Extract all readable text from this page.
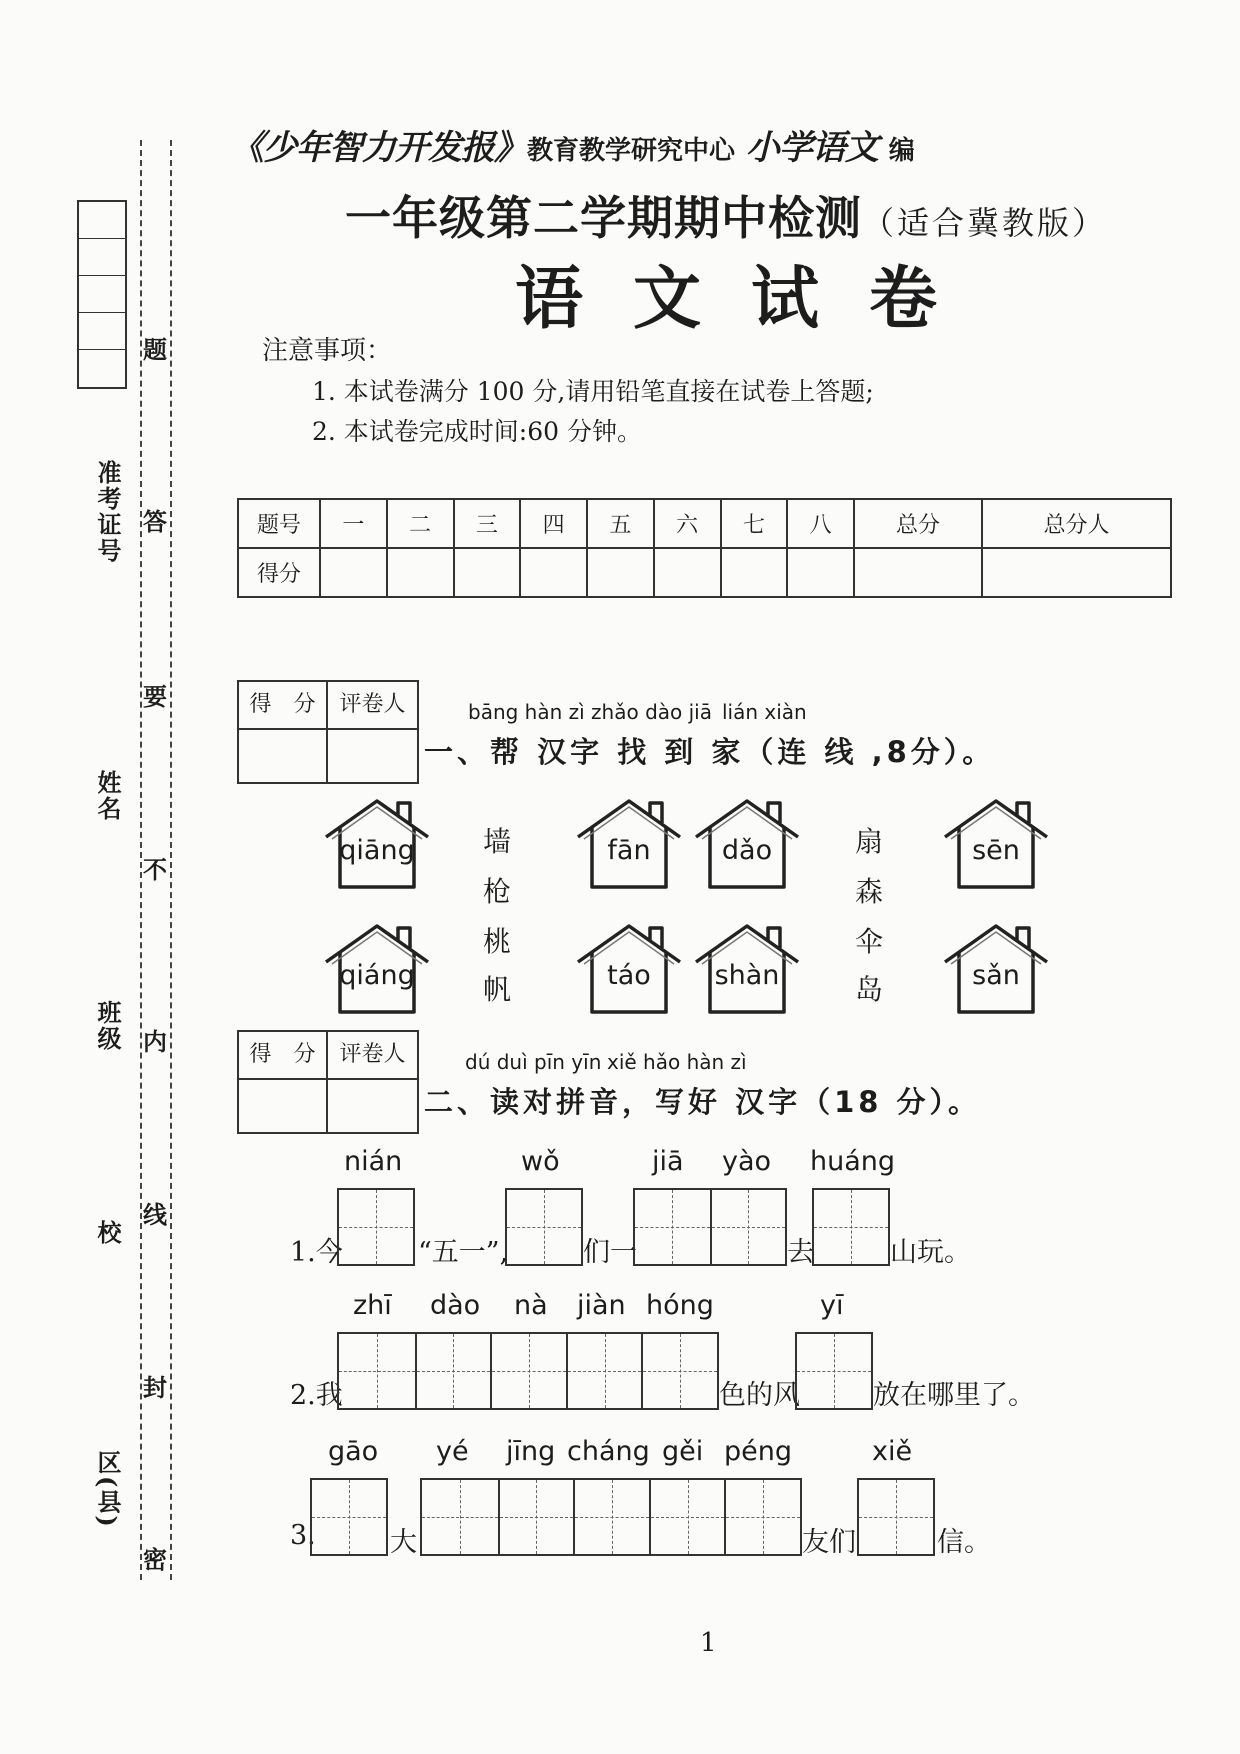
准考证号
姓名
班级
校
区(县)
题
答
要
不
内
线
封
密
《少年智力开发报》教育教学研究中心 小学语文 编
一年级第二学期期中检测（适合冀教版）
语文试卷
注意事项：
1. 本试卷满分 100 分,请用铅笔直接在试卷上答题;
2. 本试卷完成时间:60 分钟。
题号	一	二	三	四	五	六	七	八	总分	总分人
得分										
得　分	评卷人	bāng hàn zì zhǎo dào jiā lián xiàn
一、帮 汉字 找 到 家（连 线 ,8分）。
qiāng	fān	dǎo	sēn
qiáng	táo	shàn	sǎn
墙
枪
桃
帆
扇
森
伞
岛
得　分	评卷人	dú duì pīn yīn xiě hǎo hàn zì
二、读对拼音，写好 汉字（18 分）。
nián	wǒ	jiā yào huáng
1.今	“五一”,	们一	去	山玩。
zhī dào nà jiàn hóng	yī
2.我	色的风	放在哪里了。
gāo yé jīng cháng gěi péng	xiě
3.	大	友们	信。
1
